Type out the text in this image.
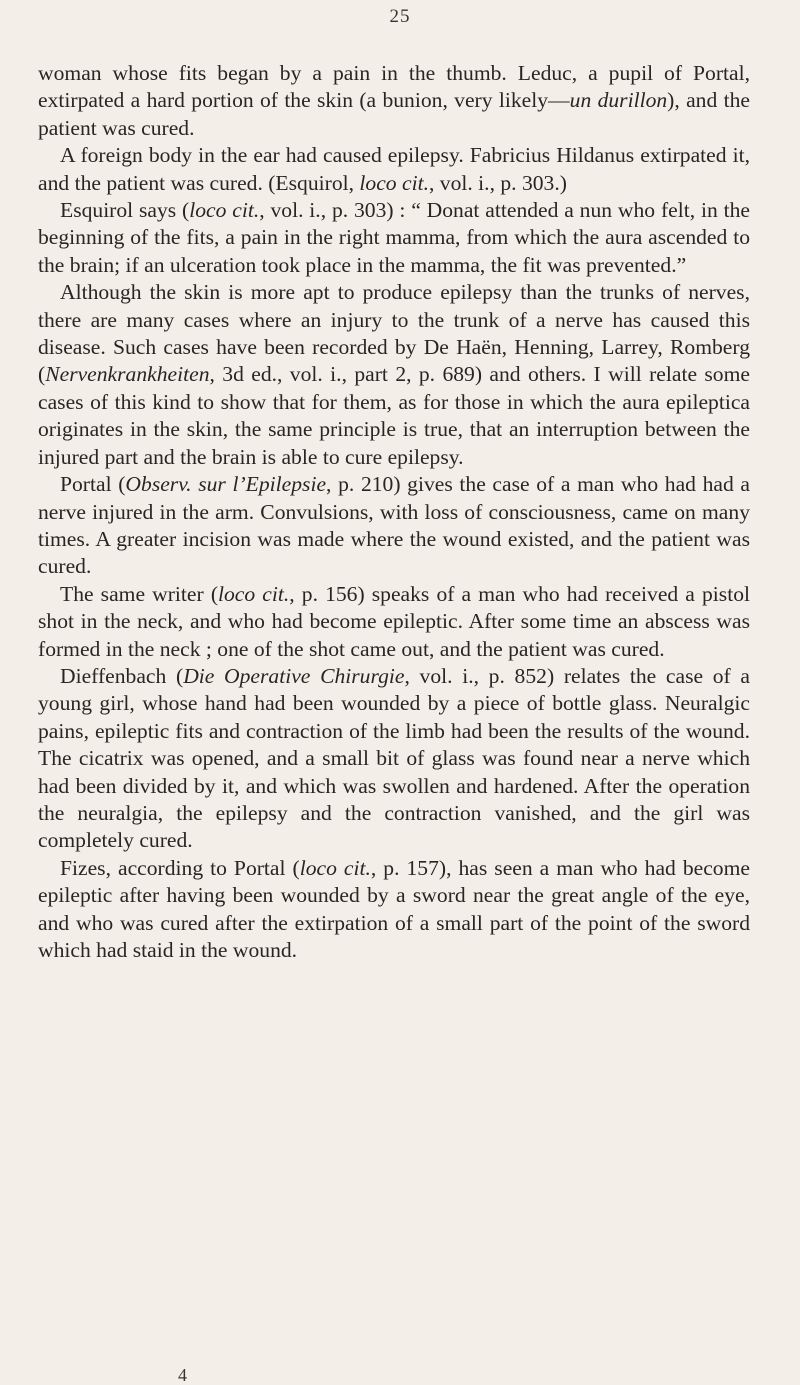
25

woman whose fits began by a pain in the thumb. Leduc, a pupil of Portal, extirpated a hard portion of the skin (a bunion, very likely—un durillon), and the patient was cured.

A foreign body in the ear had caused epilepsy. Fabricius Hildanus extirpated it, and the patient was cured. (Esquirol, loco cit., vol. i., p. 303.)

Esquirol says (loco cit., vol. i., p. 303) : “ Donat attended a nun who felt, in the beginning of the fits, a pain in the right mamma, from which the aura ascended to the brain; if an ulceration took place in the mamma, the fit was prevented.”

Although the skin is more apt to produce epilepsy than the trunks of nerves, there are many cases where an injury to the trunk of a nerve has caused this disease. Such cases have been recorded by De Haën, Henning, Larrey, Romberg (Nervenkrankheiten, 3d ed., vol. i., part 2, p. 689) and others. I will relate some cases of this kind to show that for them, as for those in which the aura epileptica originates in the skin, the same principle is true, that an interruption between the injured part and the brain is able to cure epilepsy.

Portal (Observ. sur l’Epilepsie, p. 210) gives the case of a man who had had a nerve injured in the arm. Convulsions, with loss of consciousness, came on many times. A greater incision was made where the wound existed, and the patient was cured.

The same writer (loco cit., p. 156) speaks of a man who had received a pistol shot in the neck, and who had become epileptic. After some time an abscess was formed in the neck ; one of the shot came out, and the patient was cured.

Dieffenbach (Die Operative Chirurgie, vol. i., p. 852) relates the case of a young girl, whose hand had been wounded by a piece of bottle glass. Neuralgic pains, epileptic fits and contraction of the limb had been the results of the wound. The cicatrix was opened, and a small bit of glass was found near a nerve which had been divided by it, and which was swollen and hardened. After the operation the neuralgia, the epilepsy and the contraction vanished, and the girl was completely cured.

Fizes, according to Portal (loco cit., p. 157), has seen a man who had become epileptic after having been wounded by a sword near the great angle of the eye, and who was cured after the extirpation of a small part of the point of the sword which had staid in the wound.

4
